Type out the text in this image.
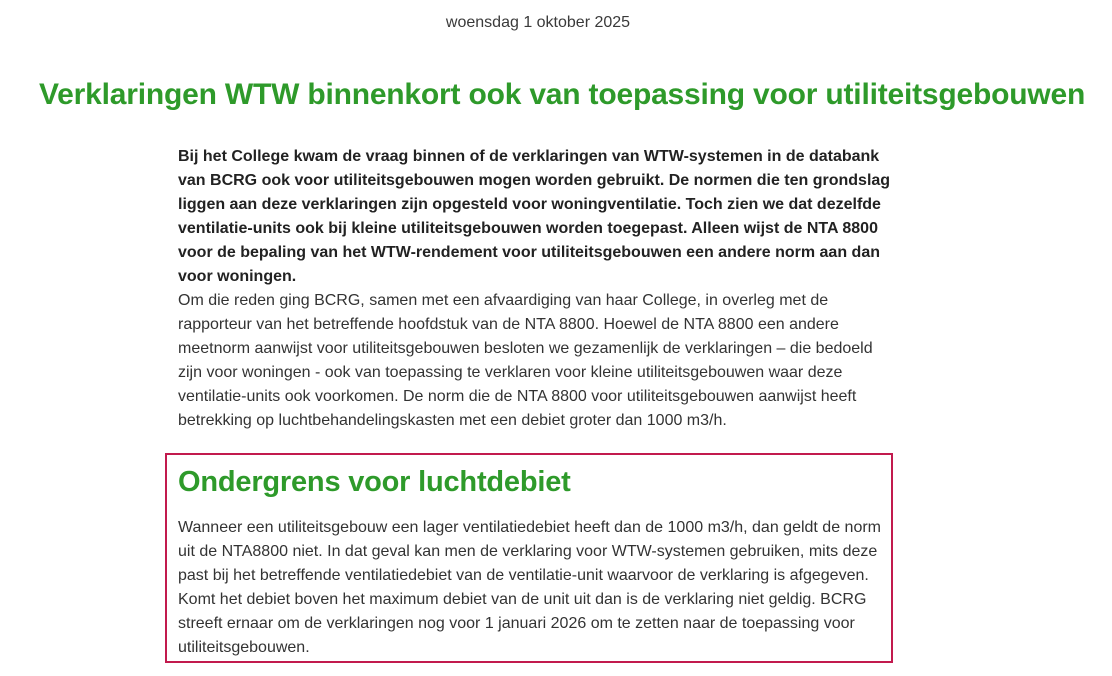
woensdag 1 oktober 2025
Verklaringen WTW binnenkort ook van toepassing voor utiliteitsgebouwen

Bij het College kwam de vraag binnen of de verklaringen van WTW-systemen in de databank van BCRG ook voor utiliteitsgebouwen mogen worden gebruikt. De normen die ten grondslag liggen aan deze verklaringen zijn opgesteld voor woningventilatie. Toch zien we dat dezelfde ventilatie-units ook bij kleine utiliteitsgebouwen worden toegepast. Alleen wijst de NTA 8800 voor de bepaling van het WTW-rendement voor utiliteitsgebouwen een andere norm aan dan voor woningen.

Om die reden ging BCRG, samen met een afvaardiging van haar College, in overleg met de rapporteur van het betreffende hoofdstuk van de NTA 8800. Hoewel de NTA 8800 een andere meetnorm aanwijst voor utiliteitsgebouwen besloten we gezamenlijk de verklaringen – die bedoeld zijn voor woningen - ook van toepassing te verklaren voor kleine utiliteitsgebouwen waar deze ventilatie-units ook voorkomen. De norm die de NTA 8800 voor utiliteitsgebouwen aanwijst heeft betrekking op luchtbehandelingskasten met een debiet groter dan 1000 m3/h.

Ondergrens voor luchtdebiet

Wanneer een utiliteitsgebouw een lager ventilatiedebiet heeft dan de 1000 m3/h, dan geldt de norm uit de NTA8800 niet. In dat geval kan men de verklaring voor WTW-systemen gebruiken, mits deze past bij het betreffende ventilatiedebiet van de ventilatie-unit waarvoor de verklaring is afgegeven. Komt het debiet boven het maximum debiet van de unit uit dan is de verklaring niet geldig. BCRG streeft ernaar om de verklaringen nog voor 1 januari 2026 om te zetten naar de toepassing voor utiliteitsgebouwen.
